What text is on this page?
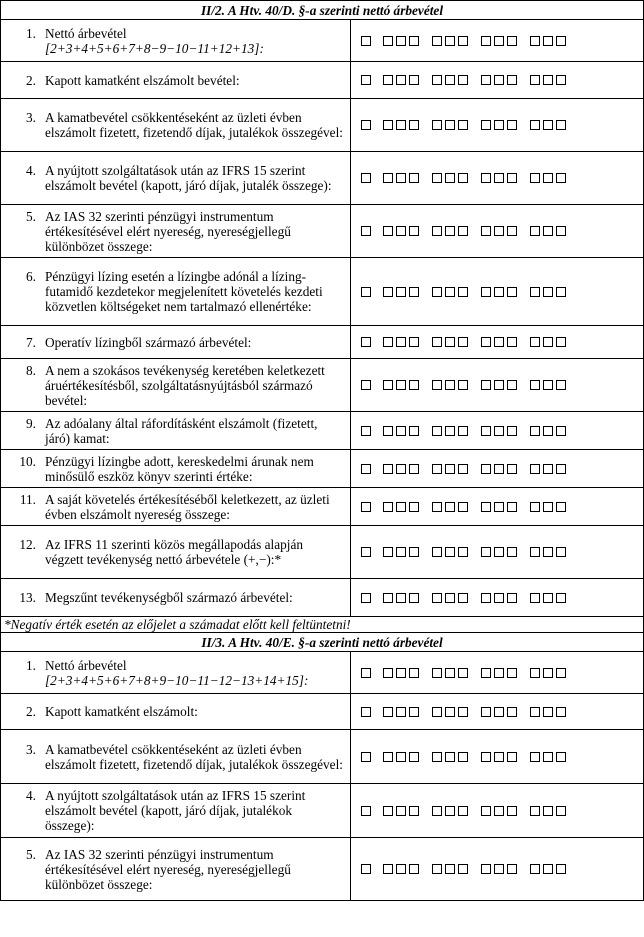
II/2. A Htv. 40/D. §-a szerinti nettó árbevétel	

1. Nettó árbevétel [2+3+4+5+6+7+8−9−10−11+12+13]:	

2. Kapott kamatként elszámolt bevétel:	

3. A kamatbevétel csökkentéseként az üzleti évben elszámolt fizetett, fizetendő díjak, jutalékok összegével:	

4. A nyújtott szolgáltatások után az IFRS 15 szerint elszámolt bevétel (kapott, járó díjak, jutalék összege):	

5. Az IAS 32 szerinti pénzügyi instrumentum értékesítésével elért nyereség, nyereségjellegű különbözet összege:	

6. Pénzügyi lízing esetén a lízingbe adónál a lízing-futamidő kezdetekor megjelenített követelés kezdeti közvetlen költségeket nem tartalmazó ellenértéke:	

7. Operatív lízingből származó árbevétel:	

8. A nem a szokásos tevékenység keretében keletkezett áruértékesítésből, szolgáltatásnyújtásból származó bevétel:	

9. Az adóalany által ráfordításként elszámolt (fizetett, járó) kamat:	

10. Pénzügyi lízingbe adott, kereskedelmi árunak nem minősülő eszköz könyv szerinti értéke:	

11. A saját követelés értékesítéséből keletkezett, az üzleti évben elszámolt nyereség összege:	

12. Az IFRS 11 szerinti közös megállapodás alapján végzett tevékenység nettó árbevétele (+,−):*	

13. Megszűnt tevékenységből származó árbevétel:	

*Negatív érték esetén az előjelet a számadat előtt kell feltüntetni!	
II/3. A Htv. 40/E. §-a szerinti nettó árbevétel	

1. Nettó árbevétel [2+3+4+5+6+7+8+9−10−11−12−13+14+15]:	

2. Kapott kamatként elszámolt:	

3. A kamatbevétel csökkentéseként az üzleti évben elszámolt fizetett, fizetendő díjak, jutalékok összegével:	

4. A nyújtott szolgáltatások után az IFRS 15 szerint elszámolt bevétel (kapott, járó díjak, jutalékok összege):	

5. Az IAS 32 szerinti pénzügyi instrumentum értékesítésével elért nyereség, nyereségjellegű különbözet összege:	
